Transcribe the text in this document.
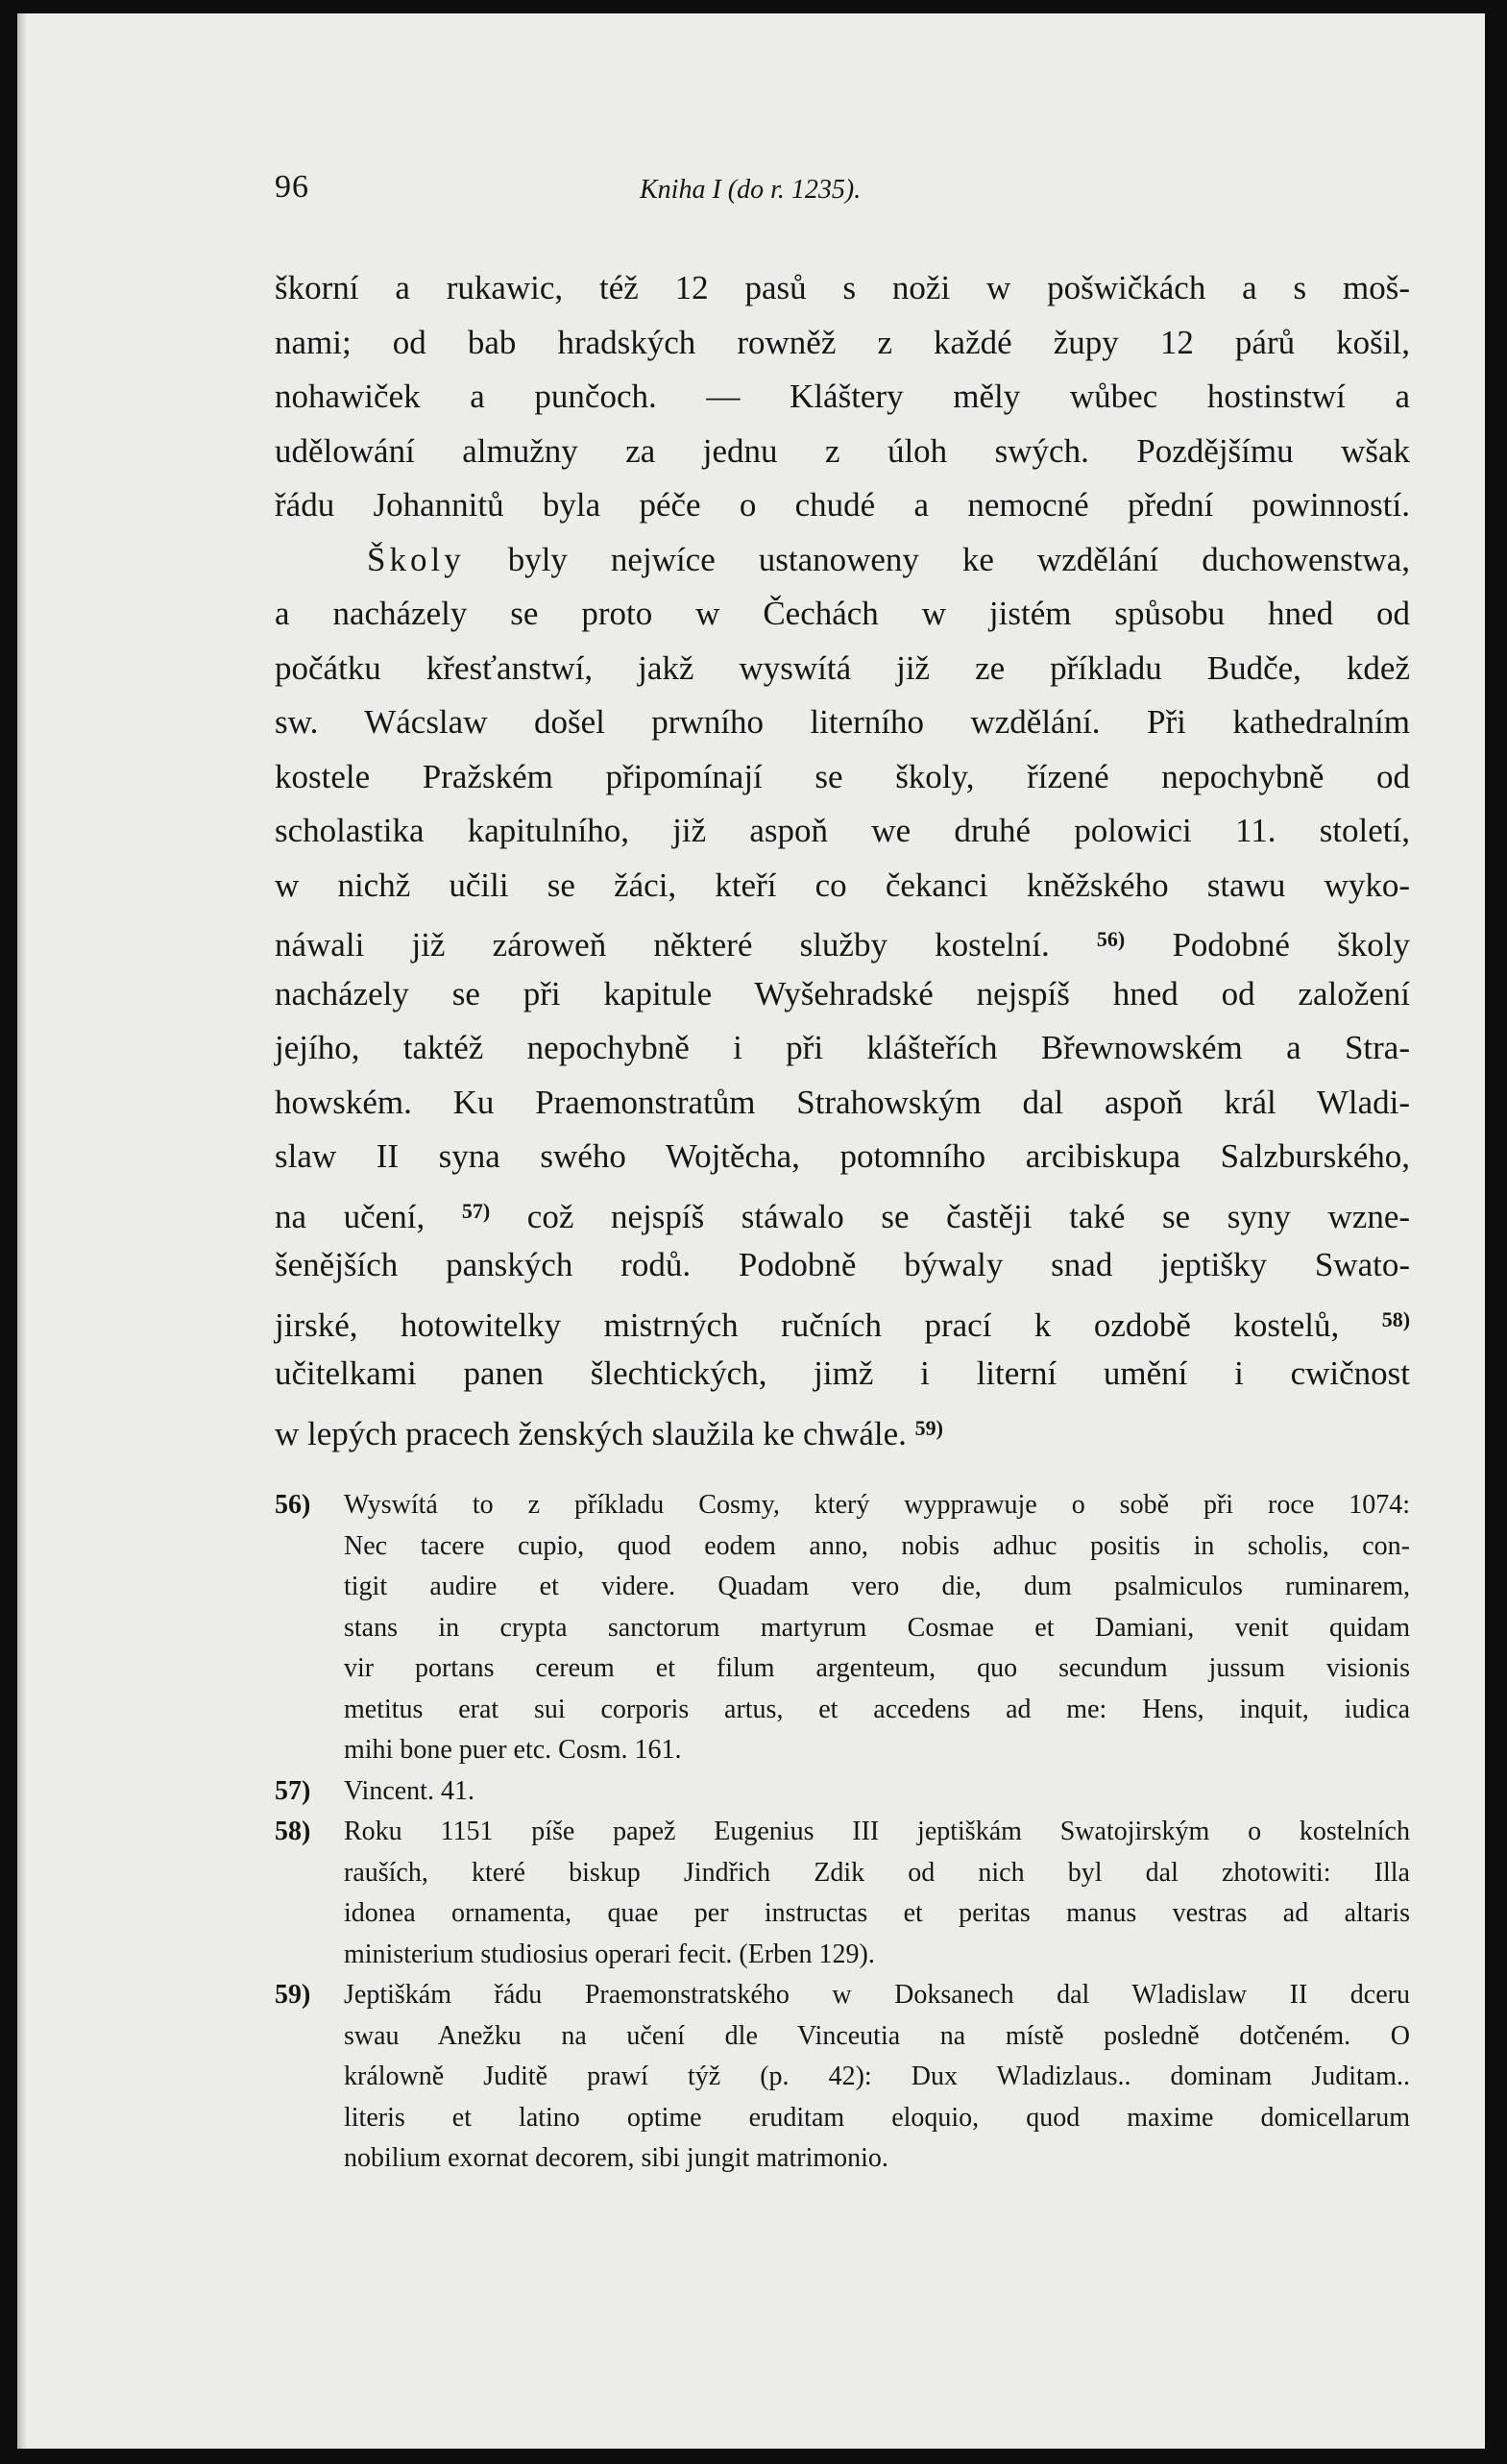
96	Kniha I (do r. 1235).
škorní a rukawic, též 12 pasů s noži w pošwičkách a s moš-
nami; od bab hradských rowněž z každé župy 12 párů košil,
nohawiček a punčoch. — Kláštery měly wůbec hostinstwí a
udělowání almužny za jednu z úloh swých. Pozdějšímu wšak
řádu Johannitů byla péče o chudé a nemocné přední powinností.
Školy byly nejwíce ustanoweny ke wzdělání duchowenstwa,
a nacházely se proto w Čechách w jistém spůsobu hned od
počátku křesťanstwí, jakž wyswítá již ze příkladu Budče, kdež
sw. Wácslaw došel prwního literního wzdělání. Při kathedralním
kostele Pražském připomínají se školy, řízené nepochybně od
scholastika kapitulního, již aspoň we druhé polowici 11. století,
w nichž učili se žáci, kteří co čekanci kněžského stawu wyko-
náwali již zároweň některé služby kostelní. $^{56)}$ Podobné školy
nacházely se při kapitule Wyšehradské nejspíš hned od založení
jejího, taktéž nepochybně i při klášteřích Břewnowském a Stra-
howském. Ku Praemonstratům Strahowským dal aspoň král Wladi-
slaw II syna swého Wojtěcha, potomního arcibiskupa Salzburského,
na učení, $^{57)}$ což nejspíš stáwalo se častěji také se syny wzne-
šenějších panských rodů. Podobně býwaly snad jeptišky Swato-
jirské, hotowitelky mistrných ručních prací k ozdobě kostelů, $^{58)}$
učitelkami panen šlechtických, jimž i literní umění i cwičnost
w lepých pracech ženských slaužila ke chwále. $^{59)}$
56) Wyswítá to z příkladu Cosmy, který wypprawuje o sobě při roce 1074:
Nec tacere cupio, quod eodem anno, nobis adhuc positis in scholis, con-
tigit audire et videre. Quadam vero die, dum psalmiculos ruminarem,
stans in crypta sanctorum martyrum Cosmae et Damiani, venit quidam
vir portans cereum et filum argenteum, quo secundum jussum visionis
metitus erat sui corporis artus, et accedens ad me: Hens, inquit, iudica
mihi bone puer etc. Cosm. 161.
57) Vincent. 41.
58) Roku 1151 píše papež Eugenius III jeptiškám Swatojirským o kostelních
rauších, které biskup Jindřich Zdik od nich byl dal zhotowiti: Illa
idonea ornamenta, quae per instructas et peritas manus vestras ad altaris
ministerium studiosius operari fecit. (Erben 129).
59) Jeptiškám řádu Praemonstratského w Doksanech dal Wladislaw II dceru
swau Anežku na učení dle Vinceutia na místě posledně dotčeném. O
králowně Juditě prawí týž (p. 42): Dux Wladizlaus.. dominam Juditam..
literis et latino optime eruditam eloquio, quod maxime domicellarum
nobilium exornat decorem, sibi jungit matrimonio.
